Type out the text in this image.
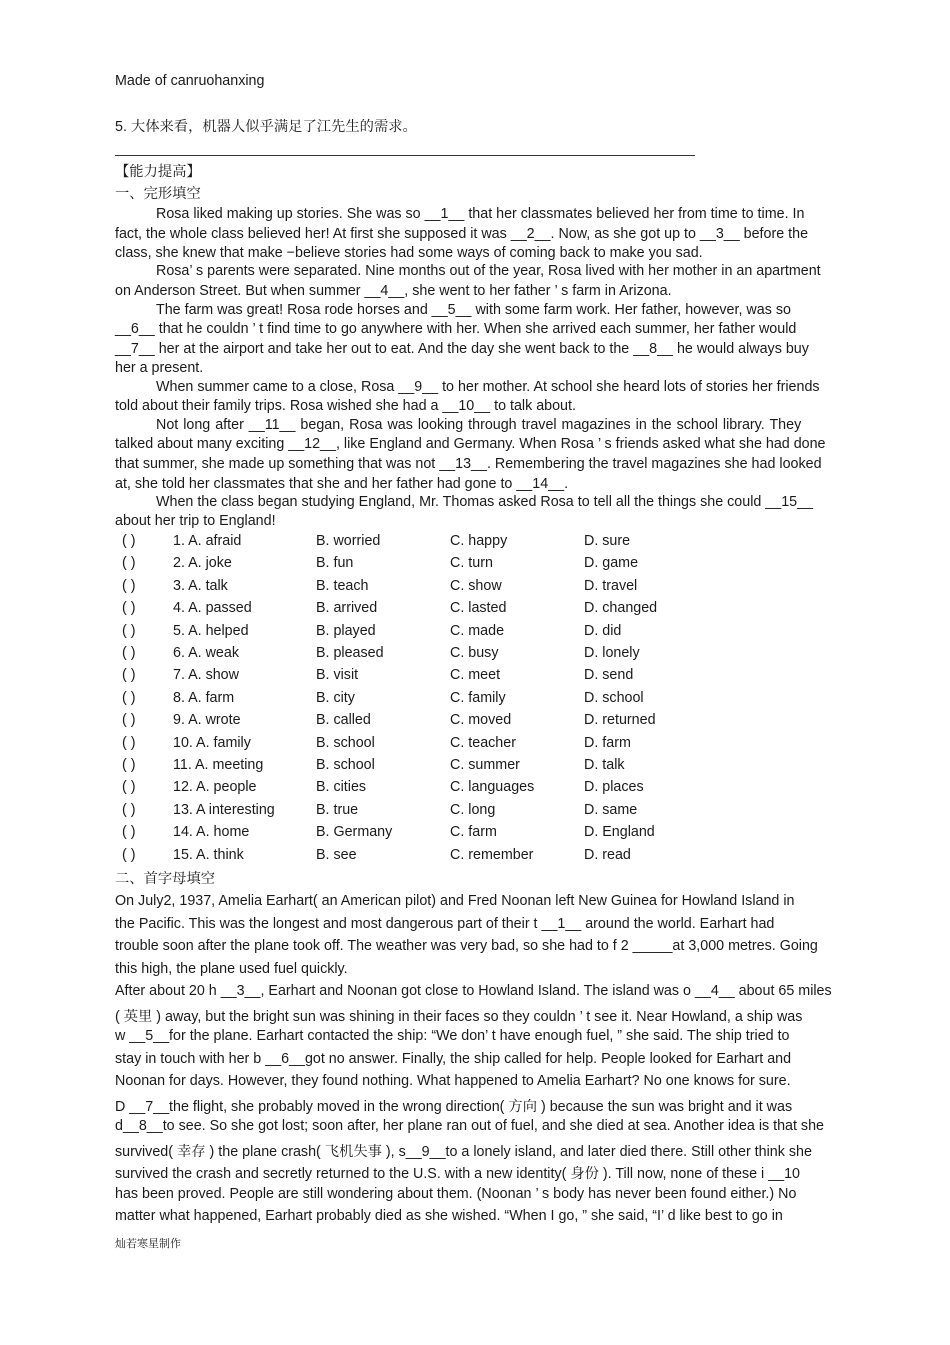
Made of canruohanxing
5. 大体来看，机器人似乎满足了江先生的需求。
【能力提高】
一、完形填空
Rosa liked making up stories. She was so __1__ that her classmates believed her from time to time. In
fact, the whole class believed her! At first she supposed it was __2__. Now, as she got up to __3__ before the
class, she knew that make −believe stories had some ways of coming back to make you sad.
Rosa’ s parents were separated. Nine months out of the year, Rosa lived with her mother in an apartment
on Anderson Street. But when summer __4__, she went to her father ’ s farm in Arizona.
The farm was great! Rosa rode horses and __5__ with some farm work. Her father, however, was so
__6__ that he couldn ’ t find time to go anywhere with her. When she arrived each summer, her father would
__7__ her at the airport and take her out to eat. And the day she went back to the __8__ he would always buy
her a present.
When summer came to a close, Rosa __9__ to her mother. At school she heard lots of stories her friends
told about their family trips. Rosa wished she had a __10__ to talk about.
Not long after __11__ began, Rosa was looking through travel magazines in the school library. They
talked about many exciting __12__, like England and Germany. When Rosa ’ s friends asked what she had done
that summer, she made up something that was not __13__. Remembering the travel magazines she had looked
at, she told her classmates that she and her father had gone to __14__.
When the class began studying England, Mr. Thomas asked Rosa to tell all the things she could __15__
about her trip to England!
( )	1. A. afraid	B. worried	C. happy	D. sure
( )	2. A. joke	B. fun	C. turn	D. game
( )	3. A. talk	B. teach	C. show	D. travel
( )	4. A. passed	B. arrived	C. lasted	D. changed
( )	5. A. helped	B. played	C. made	D. did
( )	6. A. weak	B. pleased	C. busy	D. lonely
( )	7. A. show	B. visit	C. meet	D. send
( )	8. A. farm	B. city	C. family	D. school
( )	9. A. wrote	B. called	C. moved	D. returned
( )	10. A. family	B. school	C. teacher	D. farm
( )	11. A. meeting	B. school	C. summer	D. talk
( )	12. A. people	B. cities	C. languages	D. places
( )	13. A interesting	B. true	C. long	D. same
( )	14. A. home	B. Germany	C. farm	D. England
( )	15. A. think	B. see	C. remember	D. read
二、首字母填空
On July2, 1937, Amelia Earhart( an American pilot) and Fred Noonan left New Guinea for Howland Island in
the Pacific. This was the longest and most dangerous part of their t __1__ around the world. Earhart had
trouble soon after the plane took off. The weather was very bad, so she had to f 2 _____at 3,000 metres. Going
this high, the plane used fuel quickly.
After about 20 h __3__, Earhart and Noonan got close to Howland Island. The island was o __4__ about 65 miles
( 英里 ) away, but the bright sun was shining in their faces so they couldn ’ t see it. Near Howland, a ship was
w __5__for the plane. Earhart contacted the ship: “We don’ t have enough fuel, ” she said. The ship tried to
stay in touch with her b __6__got no answer. Finally, the ship called for help. People looked for Earhart and
Noonan for days. However, they found nothing. What happened to Amelia Earhart? No one knows for sure.
D __7__the flight, she probably moved in the wrong direction( 方向 ) because the sun was bright and it was
d__8__to see. So she got lost; soon after, her plane ran out of fuel, and she died at sea. Another idea is that she
survived( 幸存 ) the plane crash( 飞机失事 ), s__9__to a lonely island, and later died there. Still other think she
survived the crash and secretly returned to the U.S. with a new identity( 身份 ). Till now, none of these i __10
has been proved. People are still wondering about them. (Noonan ’ s body has never been found either.) No
matter what happened, Earhart probably died as she wished. “When I go, ” she said, “I’ d like best to go in
灿若寒星制作
